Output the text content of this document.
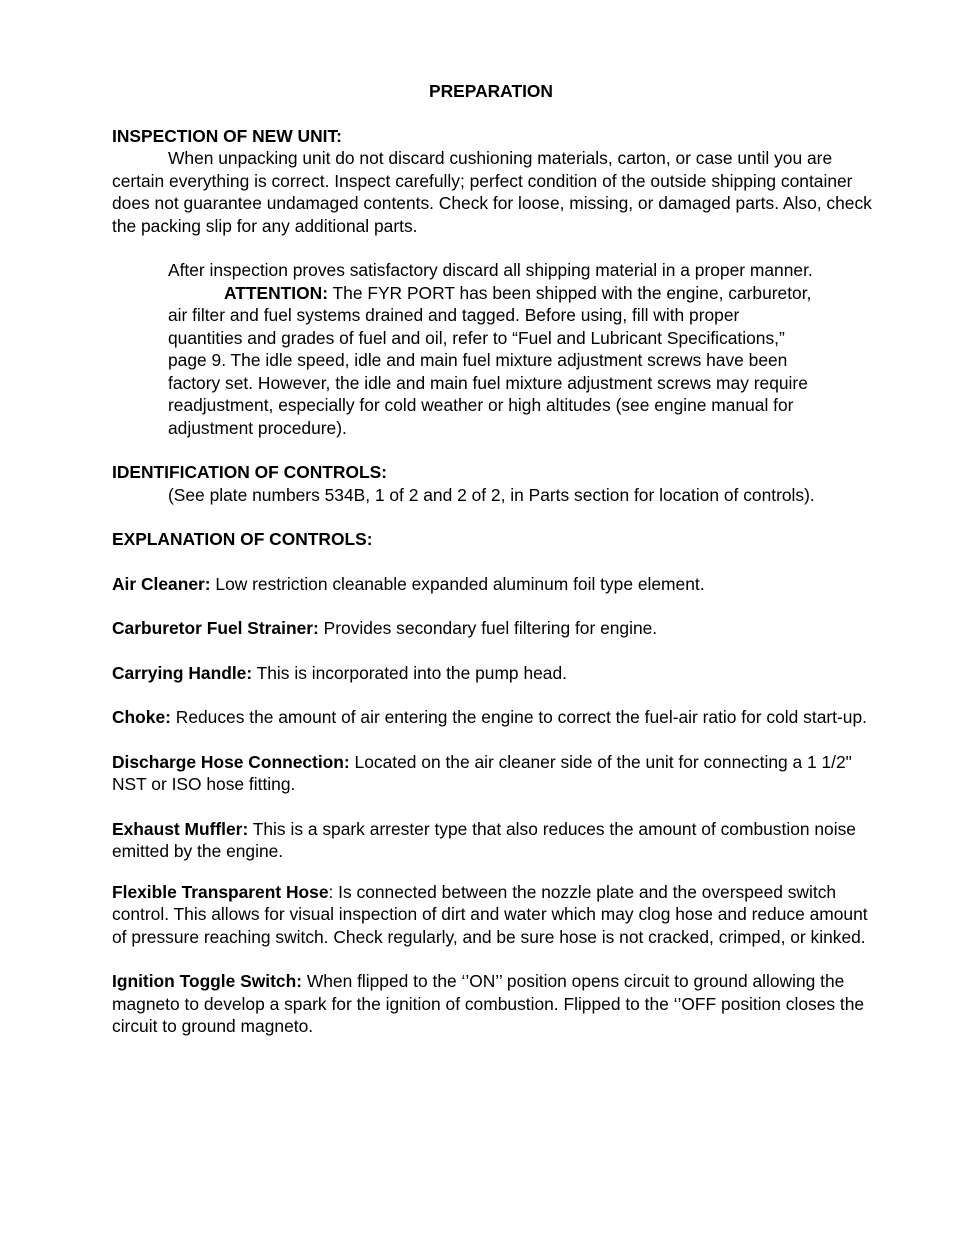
PREPARATION

INSPECTION OF NEW UNIT:

When unpacking unit do not discard cushioning materials, carton, or case until you are certain everything is correct. Inspect carefully; perfect condition of the outside shipping container does not guarantee undamaged contents. Check for loose, missing, or damaged parts. Also, check the packing slip for any additional parts.

After inspection proves satisfactory discard all shipping material in a proper manner.

ATTENTION: The FYR PORT has been shipped with the engine, carburetor, air filter and fuel systems drained and tagged. Before using, fill with proper quantities and grades of fuel and oil, refer to “Fuel and Lubricant Specifications,” page 9. The idle speed, idle and main fuel mixture adjustment screws have been factory set. However, the idle and main fuel mixture adjustment screws may require readjustment, especially for cold weather or high altitudes (see engine manual for adjustment procedure).

IDENTIFICATION OF CONTROLS:

(See plate numbers 534B, 1 of 2 and 2 of 2, in Parts section for location of controls).

EXPLANATION OF CONTROLS:

Air Cleaner: Low restriction cleanable expanded aluminum foil type element.

Carburetor Fuel Strainer: Provides secondary fuel filtering for engine.

Carrying Handle: This is incorporated into the pump head.

Choke: Reduces the amount of air entering the engine to correct the fuel-air ratio for cold start-up.

Discharge Hose Connection: Located on the air cleaner side of the unit for connecting a 1 1/2" NST or ISO hose fitting.

Exhaust Muffler: This is a spark arrester type that also reduces the amount of combustion noise emitted by the engine.

Flexible Transparent Hose: Is connected between the nozzle plate and the overspeed switch control. This allows for visual inspection of dirt and water which may clog hose and reduce amount of pressure reaching switch. Check regularly, and be sure hose is not cracked, crimped, or kinked.

Ignition Toggle Switch: When flipped to the ‘’ON’’ position opens circuit to ground allowing the magneto to develop a spark for the ignition of combustion. Flipped to the ‘’OFF position closes the circuit to ground magneto.
